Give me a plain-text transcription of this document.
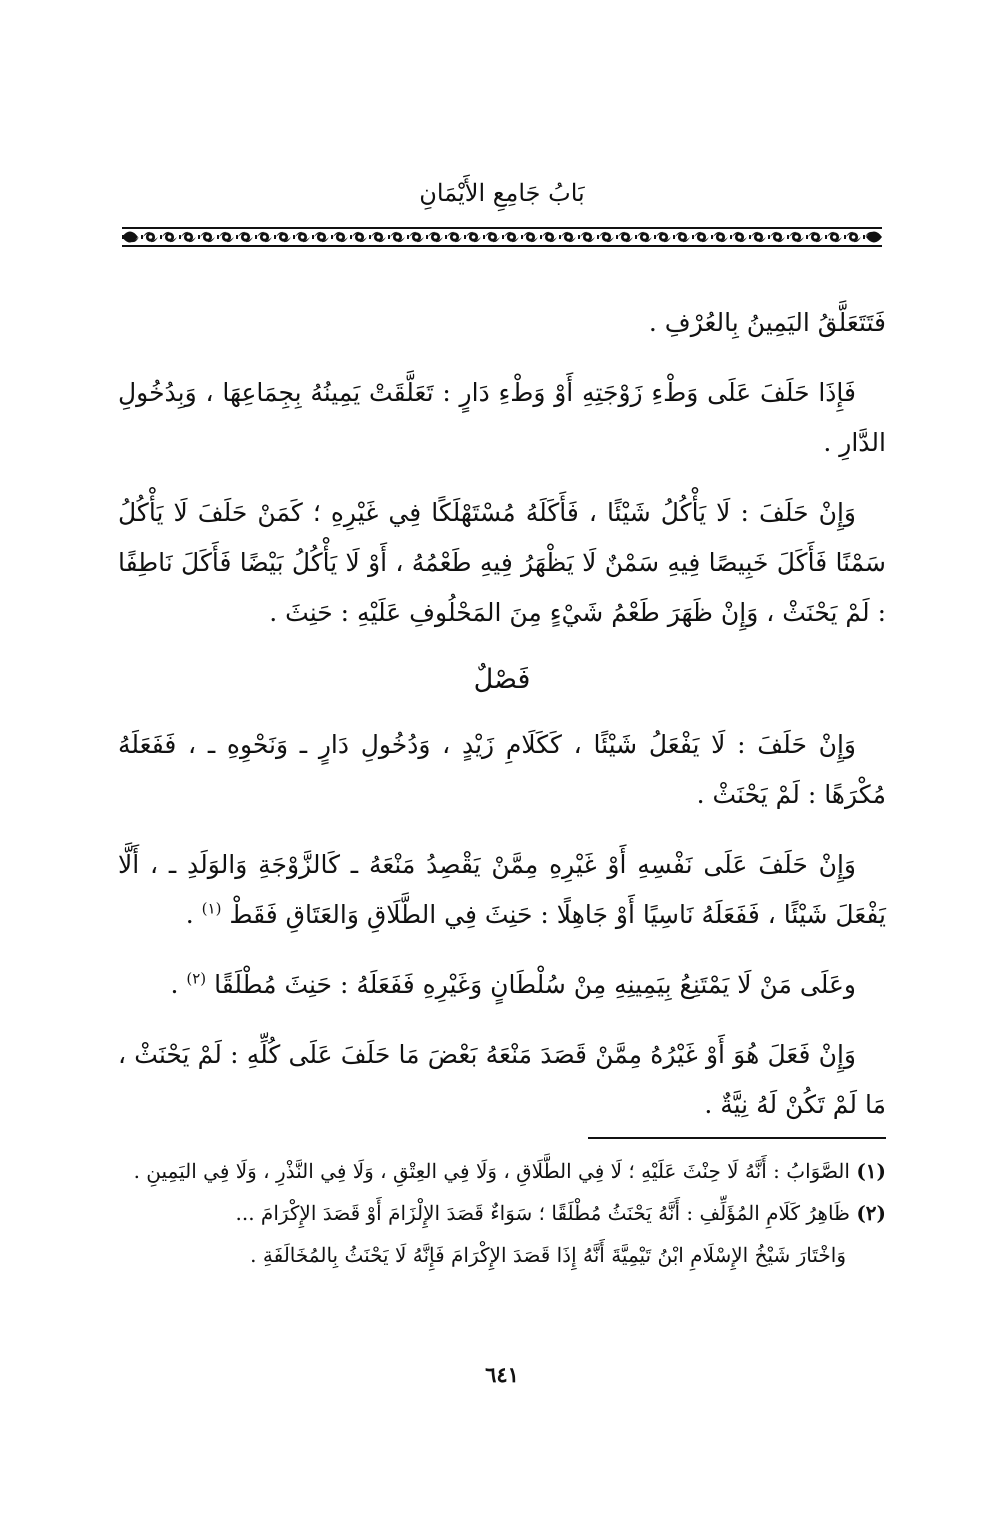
بَابُ جَامِعِ الأَيْمَانِ

فَتَتَعَلَّقُ اليَمِينُ بِالعُرْفِ .

فَإِذَا حَلَفَ عَلَى وَطْءِ زَوْجَتِهِ أَوْ وَطْءِ دَارٍ : تَعَلَّقَتْ يَمِينُهُ بِجِمَاعِهَا ، وَبِدُخُولِ الدَّارِ .

وَإِنْ حَلَفَ : لَا يَأْكُلُ شَيْئًا ، فَأَكَلَهُ مُسْتَهْلَكًا فِي غَيْرِهِ ؛ كَمَنْ حَلَفَ لَا يَأْكُلُ سَمْنًا فَأَكَلَ خَبِيصًا فِيهِ سَمْنٌ لَا يَظْهَرُ فِيهِ طَعْمُهُ ، أَوْ لَا يَأْكُلُ بَيْضًا فَأَكَلَ نَاطِفًا : لَمْ يَحْنَثْ ، وَإِنْ ظَهَرَ طَعْمُ شَيْءٍ مِنَ المَحْلُوفِ عَلَيْهِ : حَنِثَ .

فَصْلٌ

وَإِنْ حَلَفَ : لَا يَفْعَلُ شَيْئًا ، كَكَلَامِ زَيْدٍ ، وَدُخُولِ دَارٍ ـ وَنَحْوِهِ ـ ، فَفَعَلَهُ مُكْرَهًا : لَمْ يَحْنَثْ .

وَإِنْ حَلَفَ عَلَى نَفْسِهِ أَوْ غَيْرِهِ مِمَّنْ يَقْصِدُ مَنْعَهُ ـ كَالزَّوْجَةِ وَالوَلَدِ ـ ، أَلَّا يَفْعَلَ شَيْئًا ، فَفَعَلَهُ نَاسِيًا أَوْ جَاهِلًا : حَنِثَ فِي الطَّلَاقِ وَالعَتَاقِ فَقَطْ $^{(١)}$ .

وعَلَى مَنْ لَا يَمْتَنِعُ بِيَمِينِهِ مِنْ سُلْطَانٍ وَغَيْرِهِ فَفَعَلَهُ : حَنِثَ مُطْلَقًا $^{(٢)}$ .

وَإِنْ فَعَلَ هُوَ أَوْ غَيْرُهُ مِمَّنْ قَصَدَ مَنْعَهُ بَعْضَ مَا حَلَفَ عَلَى كُلِّهِ : لَمْ يَحْنَثْ ، مَا لَمْ تَكُنْ لَهُ نِيَّةٌ .

(١) الصَّوَابُ : أَنَّهُ لَا حِنْثَ عَلَيْهِ ؛ لَا فِي الطَّلَاقِ ، وَلَا فِي العِتْقِ ، وَلَا فِي النَّذْرِ ، وَلَا فِي اليَمِينِ .

(٢) ظَاهِرُ كَلَامِ المُؤَلِّفِ : أَنَّهُ يَحْنَثُ مُطْلَقًا ؛ سَوَاءٌ قَصَدَ الإِلْزَامَ أَوْ قَصَدَ الإِكْرَامَ ...

وَاخْتَارَ شَيْخُ الإِسْلَامِ ابْنُ تَيْمِيَّةَ أَنَّهُ إِذَا قَصَدَ الإِكْرَامَ فَإِنَّهُ لَا يَحْنَثُ بِالمُخَالَفَةِ .

٦٤١
